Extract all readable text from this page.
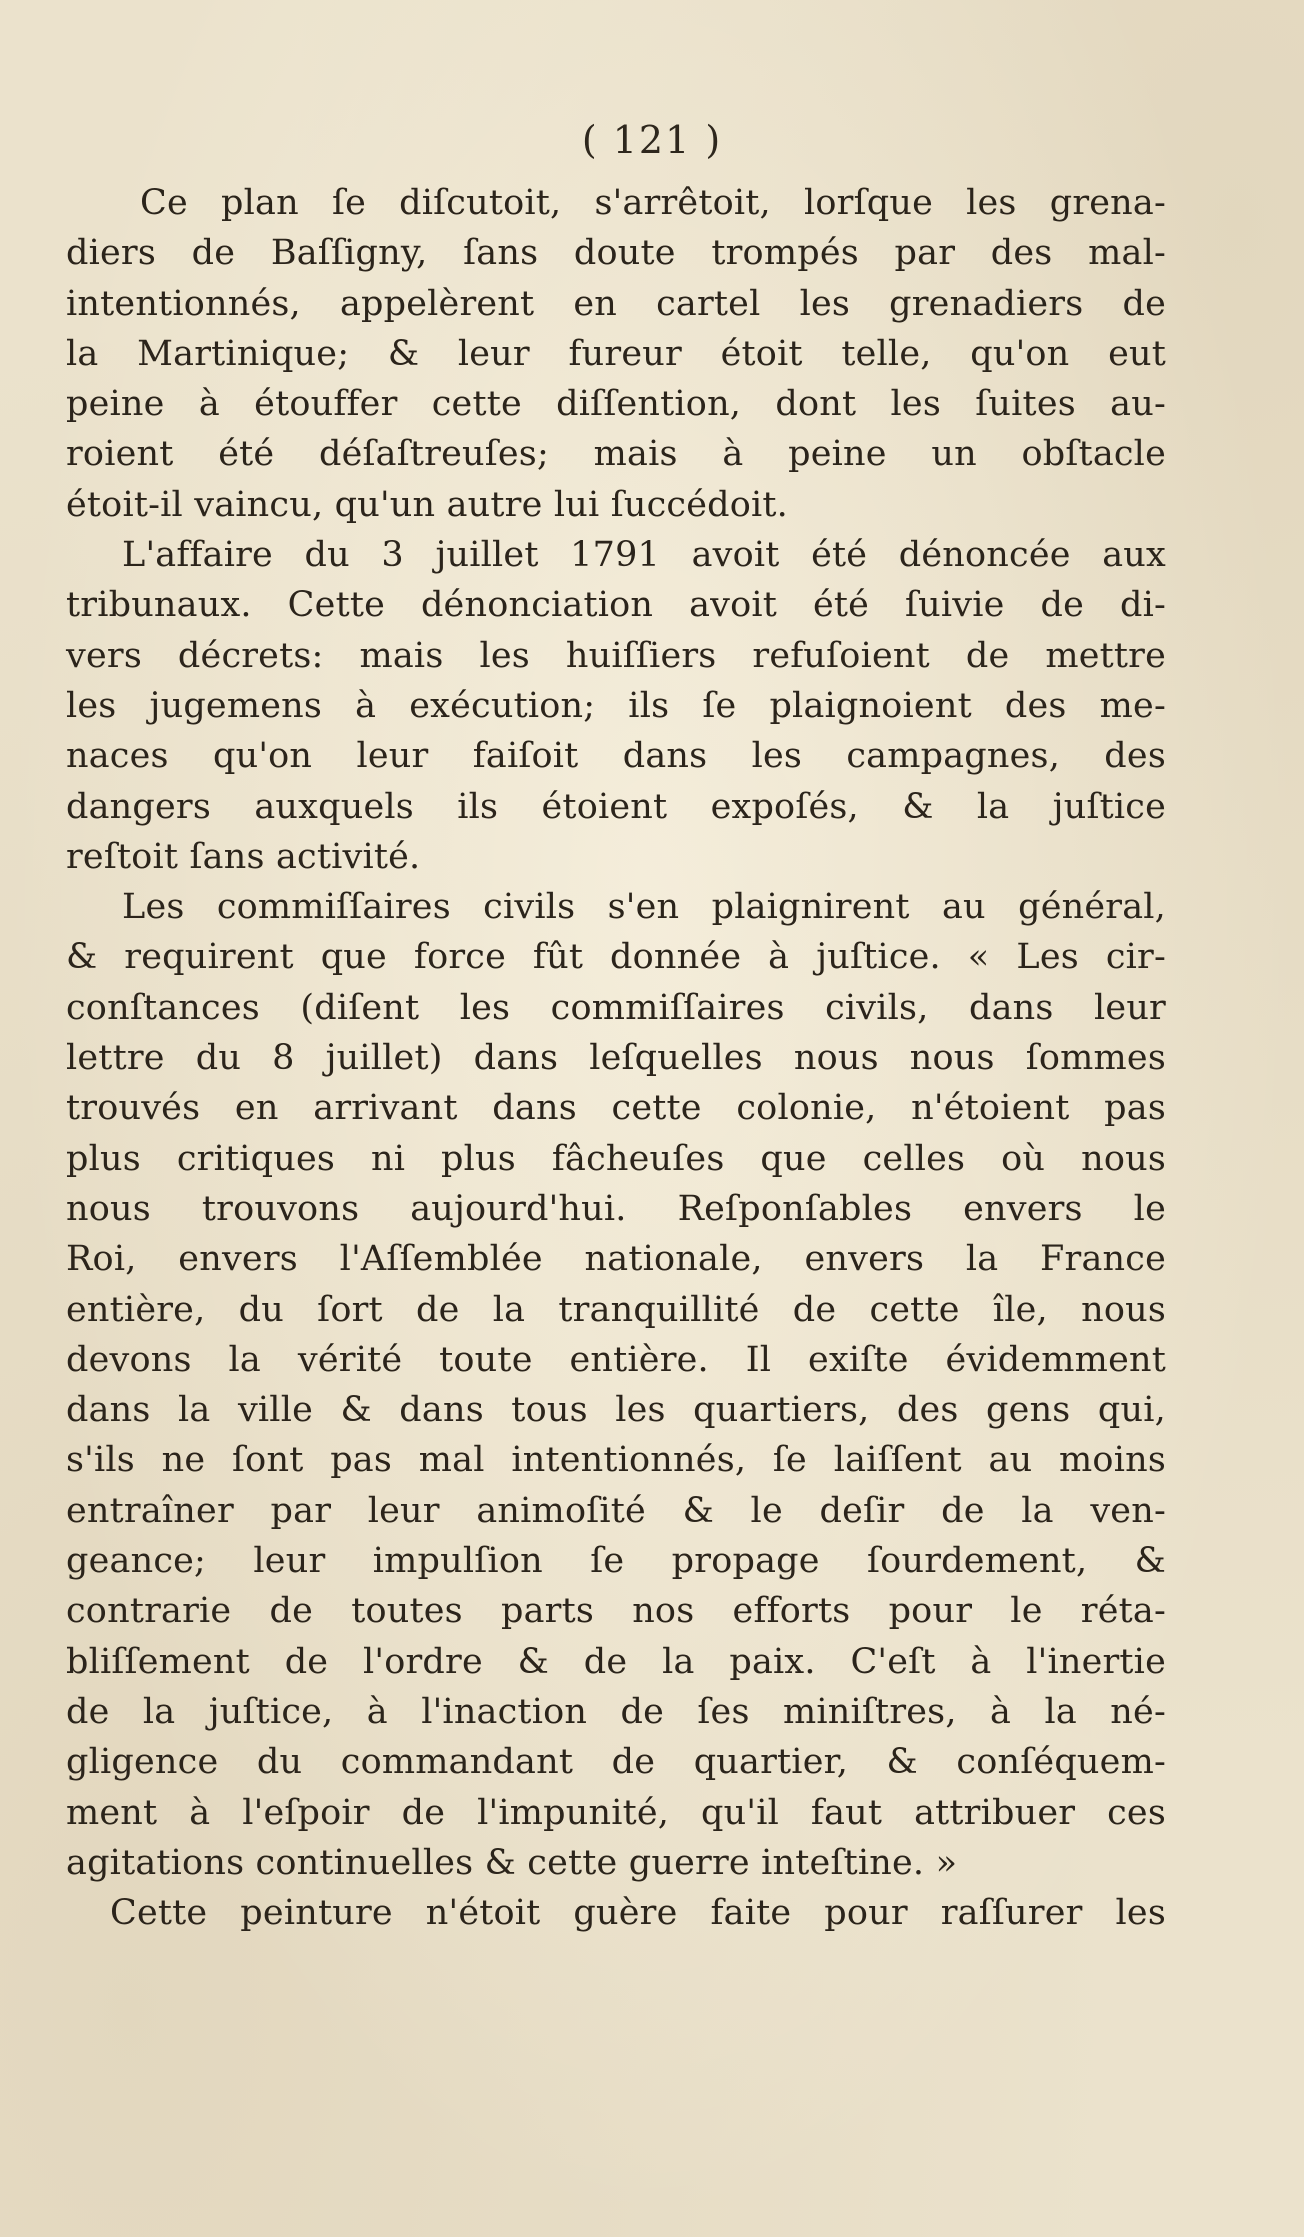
( 121 )
Ce plan ſe diſcutoit, s'arrêtoit, lorſque les grena-
diers de Baſſigny, ſans doute trompés par des mal-
intentionnés, appelèrent en cartel les grenadiers de
la Martinique; & leur fureur étoit telle, qu'on eut
peine à étouffer cette diſſention, dont les ſuites au-
roient été déſaſtreuſes; mais à peine un obſtacle
étoit-il vaincu, qu'un autre lui ſuccédoit.
L'affaire du 3 juillet 1791 avoit été dénoncée aux
tribunaux. Cette dénonciation avoit été ſuivie de di-
vers décrets: mais les huiſſiers refuſoient de mettre
les jugemens à exécution; ils ſe plaignoient des me-
naces qu'on leur faiſoit dans les campagnes, des
dangers auxquels ils étoient expoſés, & la juſtice
reſtoit ſans activité.
Les commiſſaires civils s'en plaignirent au général,
& requirent que force fût donnée à juſtice. « Les cir-
conſtances (diſent les commiſſaires civils, dans leur
lettre du 8 juillet) dans leſquelles nous nous ſommes
trouvés en arrivant dans cette colonie, n'étoient pas
plus critiques ni plus fâcheuſes que celles où nous
nous trouvons aujourd'hui. Reſponſables envers le
Roi, envers l'Aſſemblée nationale, envers la France
entière, du ſort de la tranquillité de cette île, nous
devons la vérité toute entière. Il exiſte évidemment
dans la ville & dans tous les quartiers, des gens qui,
s'ils ne ſont pas mal intentionnés, ſe laiſſent au moins
entraîner par leur animoſité & le deſir de la ven-
geance; leur impulſion ſe propage ſourdement, &
contrarie de toutes parts nos efforts pour le réta-
bliſſement de l'ordre & de la paix. C'eſt à l'inertie
de la juſtice, à l'inaction de ſes miniſtres, à la né-
gligence du commandant de quartier, & conſéquem-
ment à l'eſpoir de l'impunité, qu'il faut attribuer ces
agitations continuelles & cette guerre inteſtine. »
Cette peinture n'étoit guère faite pour raſſurer les
